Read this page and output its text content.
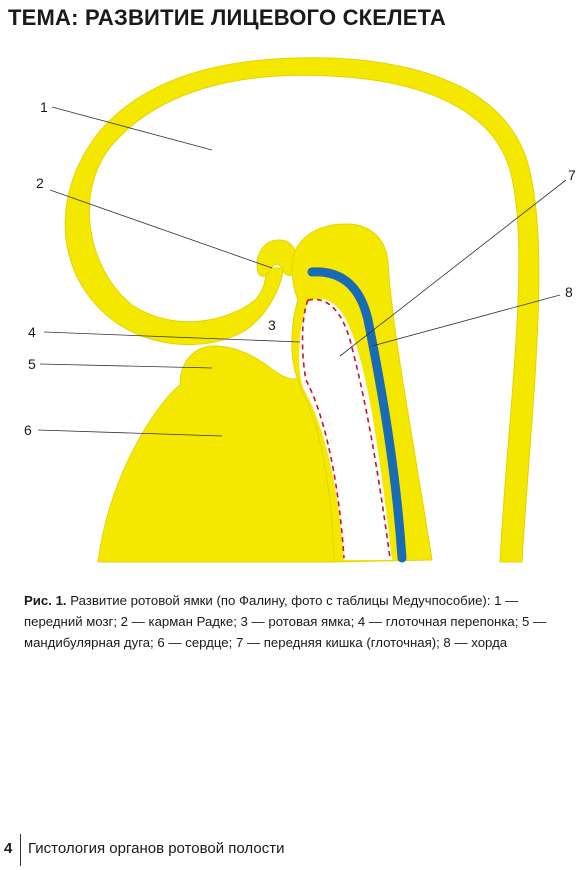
ТЕМА: РАЗВИТИЕ ЛИЦЕВОГО СКЕЛЕТА
1
2
3
4
5
6
7
8

Рис. 1. Развитие ротовой ямки (по Фалину, фото с таблицы Медучпособие): 1 — передний мозг; 2 — карман Радке; 3 — ротовая ямка; 4 — глоточная перепонка; 5 — мандибулярная дуга; 6 — сердце; 7 — передняя кишка (глоточная); 8 — хорда

4 Гистология органов ротовой полости
